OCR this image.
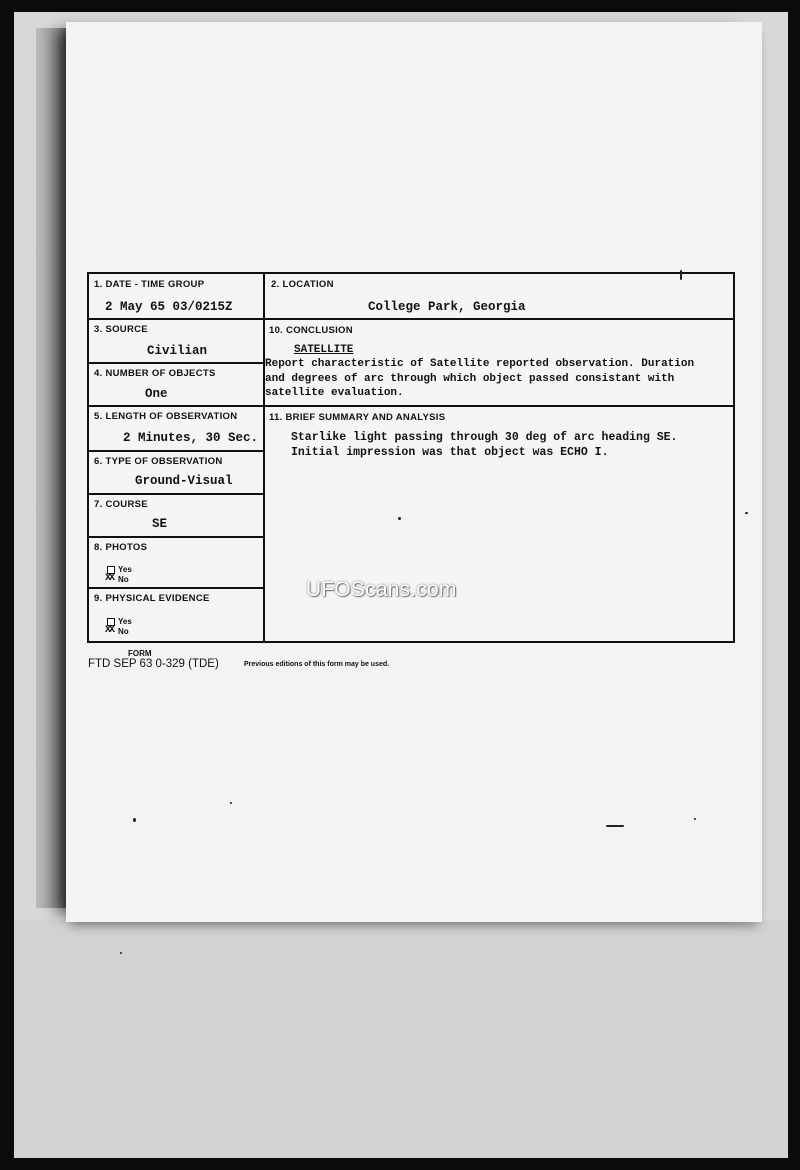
1. DATE - TIME GROUP
2 May 65 03/0215Z
2. LOCATION
College Park, Georgia
3. SOURCE
Civilian
10. CONCLUSION
SATELLITE
Report characteristic of Satellite reported observation. Duration
and degrees of arc through which object passed consistant with
satellite evaluation.
4. NUMBER OF OBJECTS
One
5. LENGTH OF OBSERVATION
2 Minutes, 30 Sec.
11. BRIEF SUMMARY AND ANALYSIS
Starlike light passing through 30 deg of arc heading SE.
Initial impression was that object was ECHO I.
6. TYPE OF OBSERVATION
Ground-Visual
7. COURSE
SE
8. PHOTOS
Yes
XX No
9. PHYSICAL EVIDENCE
Yes
XX No
FORM
FTD SEP 63 0-329 (TDE)	Previous editions of this form may be used.
UFOScans.com
